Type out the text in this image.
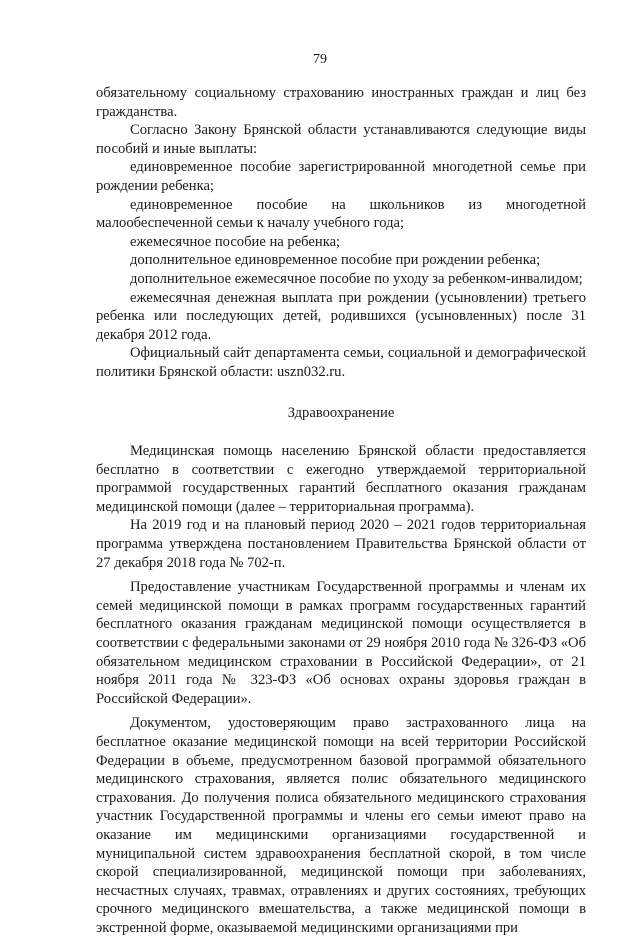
79

обязательному социальному страхованию иностранных граждан и лиц без гражданства.

Согласно Закону Брянской области устанавливаются следующие виды пособий и иные выплаты:

единовременное пособие зарегистрированной многодетной семье при рождении ребенка;

единовременное пособие на школьников из многодетной малообеспеченной семьи к началу учебного года;

ежемесячное пособие на ребенка;

дополнительное единовременное пособие при рождении ребенка;

дополнительное ежемесячное пособие по уходу за ребенком-инвалидом;

ежемесячная денежная выплата при рождении (усыновлении) третьего ребенка или последующих детей, родившихся (усыновленных) после 31 декабря 2012 года.

Официальный сайт департамента семьи, социальной и демографической политики Брянской области: uszn032.ru.

Здравоохранение

Медицинская помощь населению Брянской области предоставляется бесплатно в соответствии с ежегодно утверждаемой территориальной программой государственных гарантий бесплатного оказания гражданам медицинской помощи (далее – территориальная программа).

На 2019 год и на плановый период 2020 – 2021 годов территориальная программа утверждена постановлением Правительства Брянской области от 27 декабря 2018 года № 702-п.

Предоставление участникам Государственной программы и членам их семей медицинской помощи в рамках программ государственных гарантий бесплатного оказания гражданам медицинской помощи осуществляется в соответствии с федеральными законами от 29 ноября 2010 года № 326-ФЗ «Об обязательном медицинском страховании в Российской Федерации», от 21 ноября 2011 года № 323-ФЗ «Об основах охраны здоровья граждан в Российской Федерации».

Документом, удостоверяющим право застрахованного лица на бесплатное оказание медицинской помощи на всей территории Российской Федерации в объеме, предусмотренном базовой программой обязательного медицинского страхования, является полис обязательного медицинского страхования. До получения полиса обязательного медицинского страхования участник Государственной программы и члены его семьи имеют право на оказание им медицинскими организациями государственной и муниципальной систем здравоохранения бесплатной скорой, в том числе скорой специализированной, медицинской помощи при заболеваниях, несчастных случаях, травмах, отравлениях и других состояниях, требующих срочного медицинского вмешательства, а также медицинской помощи в экстренной форме, оказываемой медицинскими организациями при
